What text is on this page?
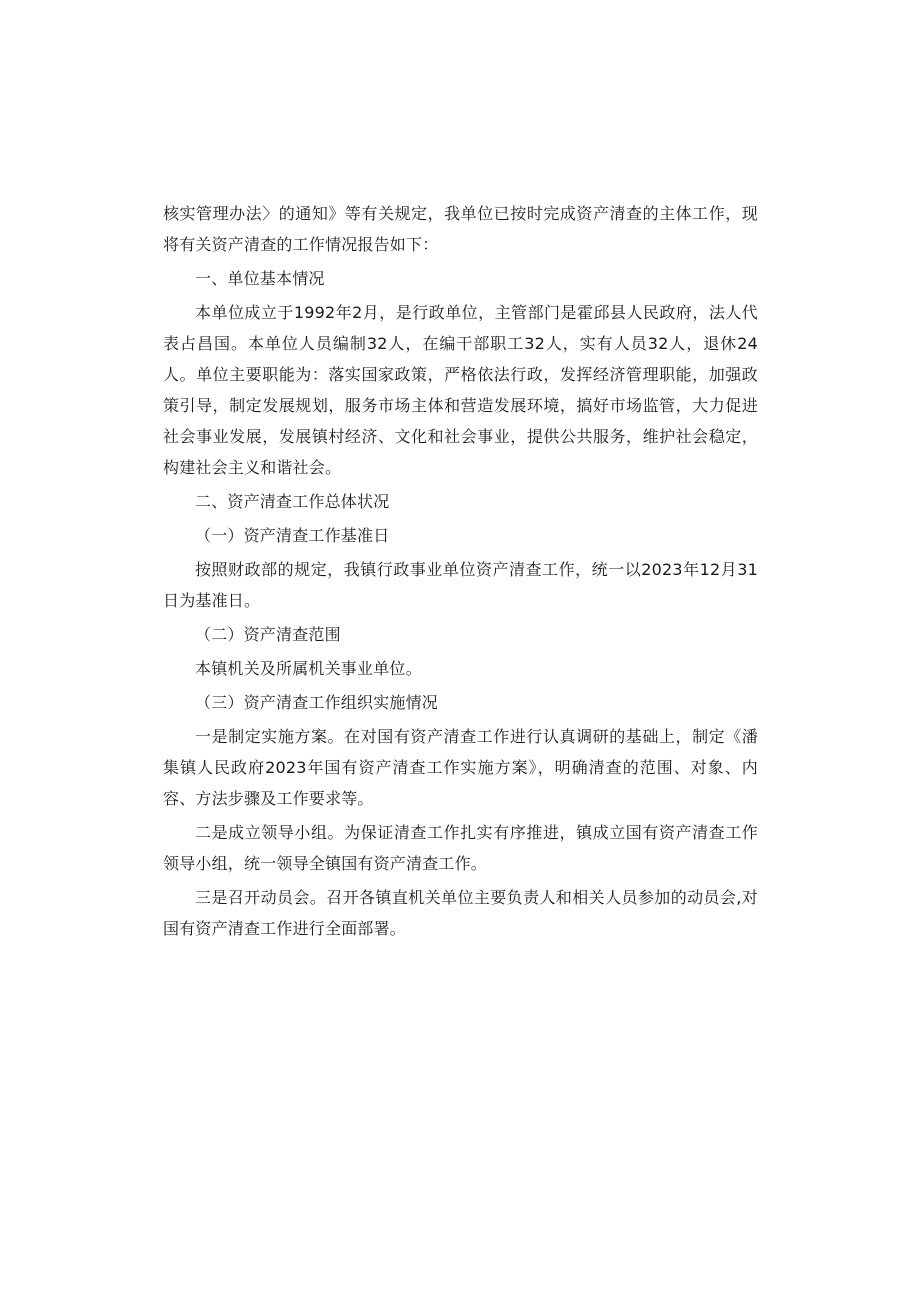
核实管理办法〉的通知》等有关规定，我单位已按时完成资产清查的主体工作，现将有关资产清查的工作情况报告如下：

一、单位基本情况

本单位成立于1992年2月，是行政单位，主管部门是霍邱县人民政府，法人代表占昌国。本单位人员编制32人，在编干部职工32人，实有人员32人，退休24人。单位主要职能为：落实国家政策，严格依法行政，发挥经济管理职能，加强政策引导，制定发展规划，服务市场主体和营造发展环境，搞好市场监管，大力促进社会事业发展，发展镇村经济、文化和社会事业，提供公共服务，维护社会稳定，构建社会主义和谐社会。

二、资产清查工作总体状况

（一）资产清查工作基准日

按照财政部的规定，我镇行政事业单位资产清查工作，统一以2023年12月31日为基准日。

（二）资产清查范围

本镇机关及所属机关事业单位。

（三）资产清查工作组织实施情况

一是制定实施方案。在对国有资产清查工作进行认真调研的基础上，制定《潘集镇人民政府2023年国有资产清查工作实施方案》，明确清查的范围、对象、内容、方法步骤及工作要求等。

二是成立领导小组。为保证清查工作扎实有序推进，镇成立国有资产清查工作领导小组，统一领导全镇国有资产清查工作。

三是召开动员会。召开各镇直机关单位主要负责人和相关人员参加的动员会,对国有资产清查工作进行全面部署。
